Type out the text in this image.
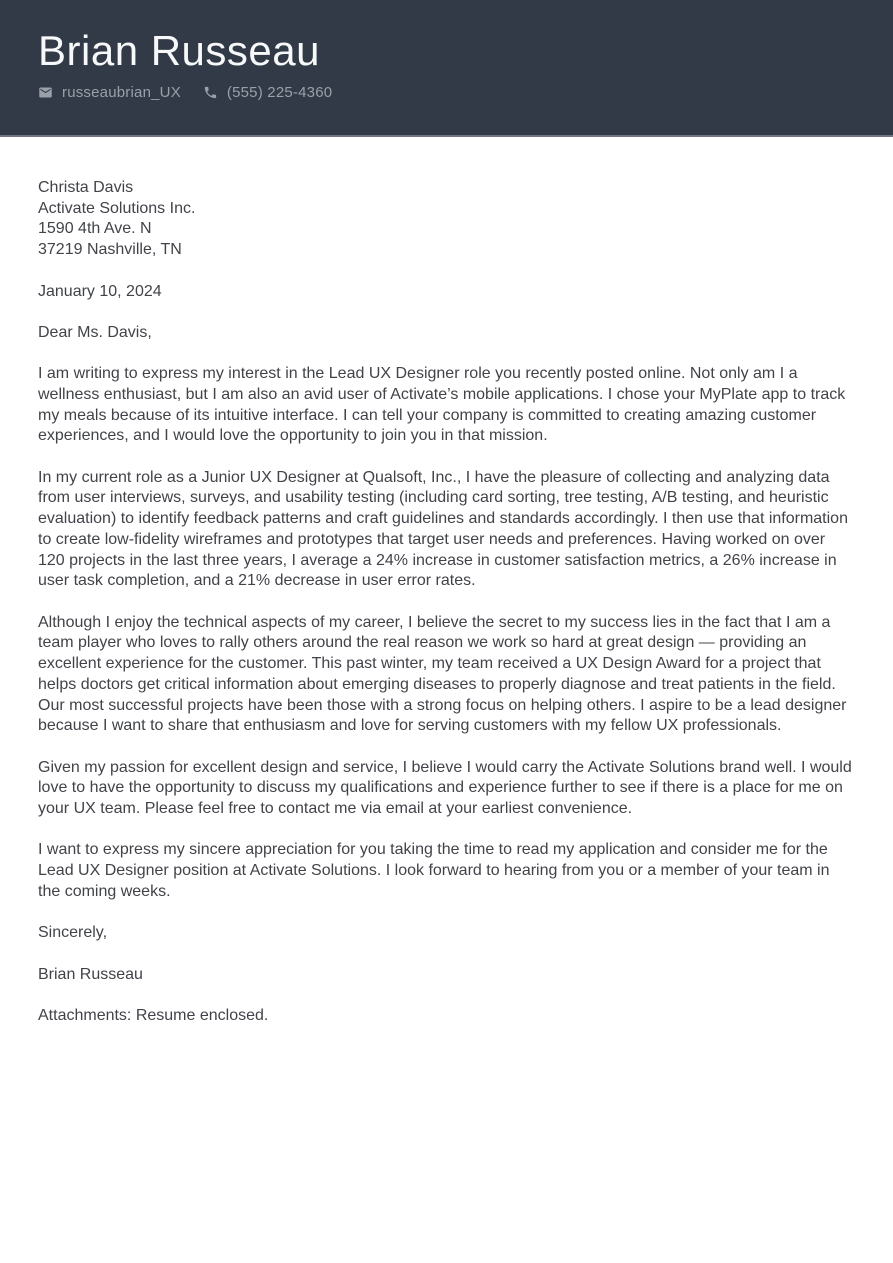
Brian Russeau
russeaubrian_UX	(555) 225-4360
Christa Davis
Activate Solutions Inc.
1590 4th Ave. N
37219 Nashville, TN

January 10, 2024

Dear Ms. Davis,

I am writing to express my interest in the Lead UX Designer role you recently posted online. Not only am I a wellness enthusiast, but I am also an avid user of Activate’s mobile applications. I chose your MyPlate app to track my meals because of its intuitive interface. I can tell your company is committed to creating amazing customer experiences, and I would love the opportunity to join you in that mission.

In my current role as a Junior UX Designer at Qualsoft, Inc., I have the pleasure of collecting and analyzing data from user interviews, surveys, and usability testing (including card sorting, tree testing, A/B testing, and heuristic evaluation) to identify feedback patterns and craft guidelines and standards accordingly. I then use that information to create low-fidelity wireframes and prototypes that target user needs and preferences. Having worked on over 120 projects in the last three years, I average a 24% increase in customer satisfaction metrics, a 26% increase in user task completion, and a 21% decrease in user error rates.

Although I enjoy the technical aspects of my career, I believe the secret to my success lies in the fact that I am a team player who loves to rally others around the real reason we work so hard at great design — providing an excellent experience for the customer. This past winter, my team received a UX Design Award for a project that helps doctors get critical information about emerging diseases to properly diagnose and treat patients in the field. Our most successful projects have been those with a strong focus on helping others. I aspire to be a lead designer because I want to share that enthusiasm and love for serving customers with my fellow UX professionals.

Given my passion for excellent design and service, I believe I would carry the Activate Solutions brand well. I would love to have the opportunity to discuss my qualifications and experience further to see if there is a place for me on your UX team. Please feel free to contact me via email at your earliest convenience.

I want to express my sincere appreciation for you taking the time to read my application and consider me for the Lead UX Designer position at Activate Solutions. I look forward to hearing from you or a member of your team in the coming weeks.

Sincerely,

Brian Russeau

Attachments: Resume enclosed.
